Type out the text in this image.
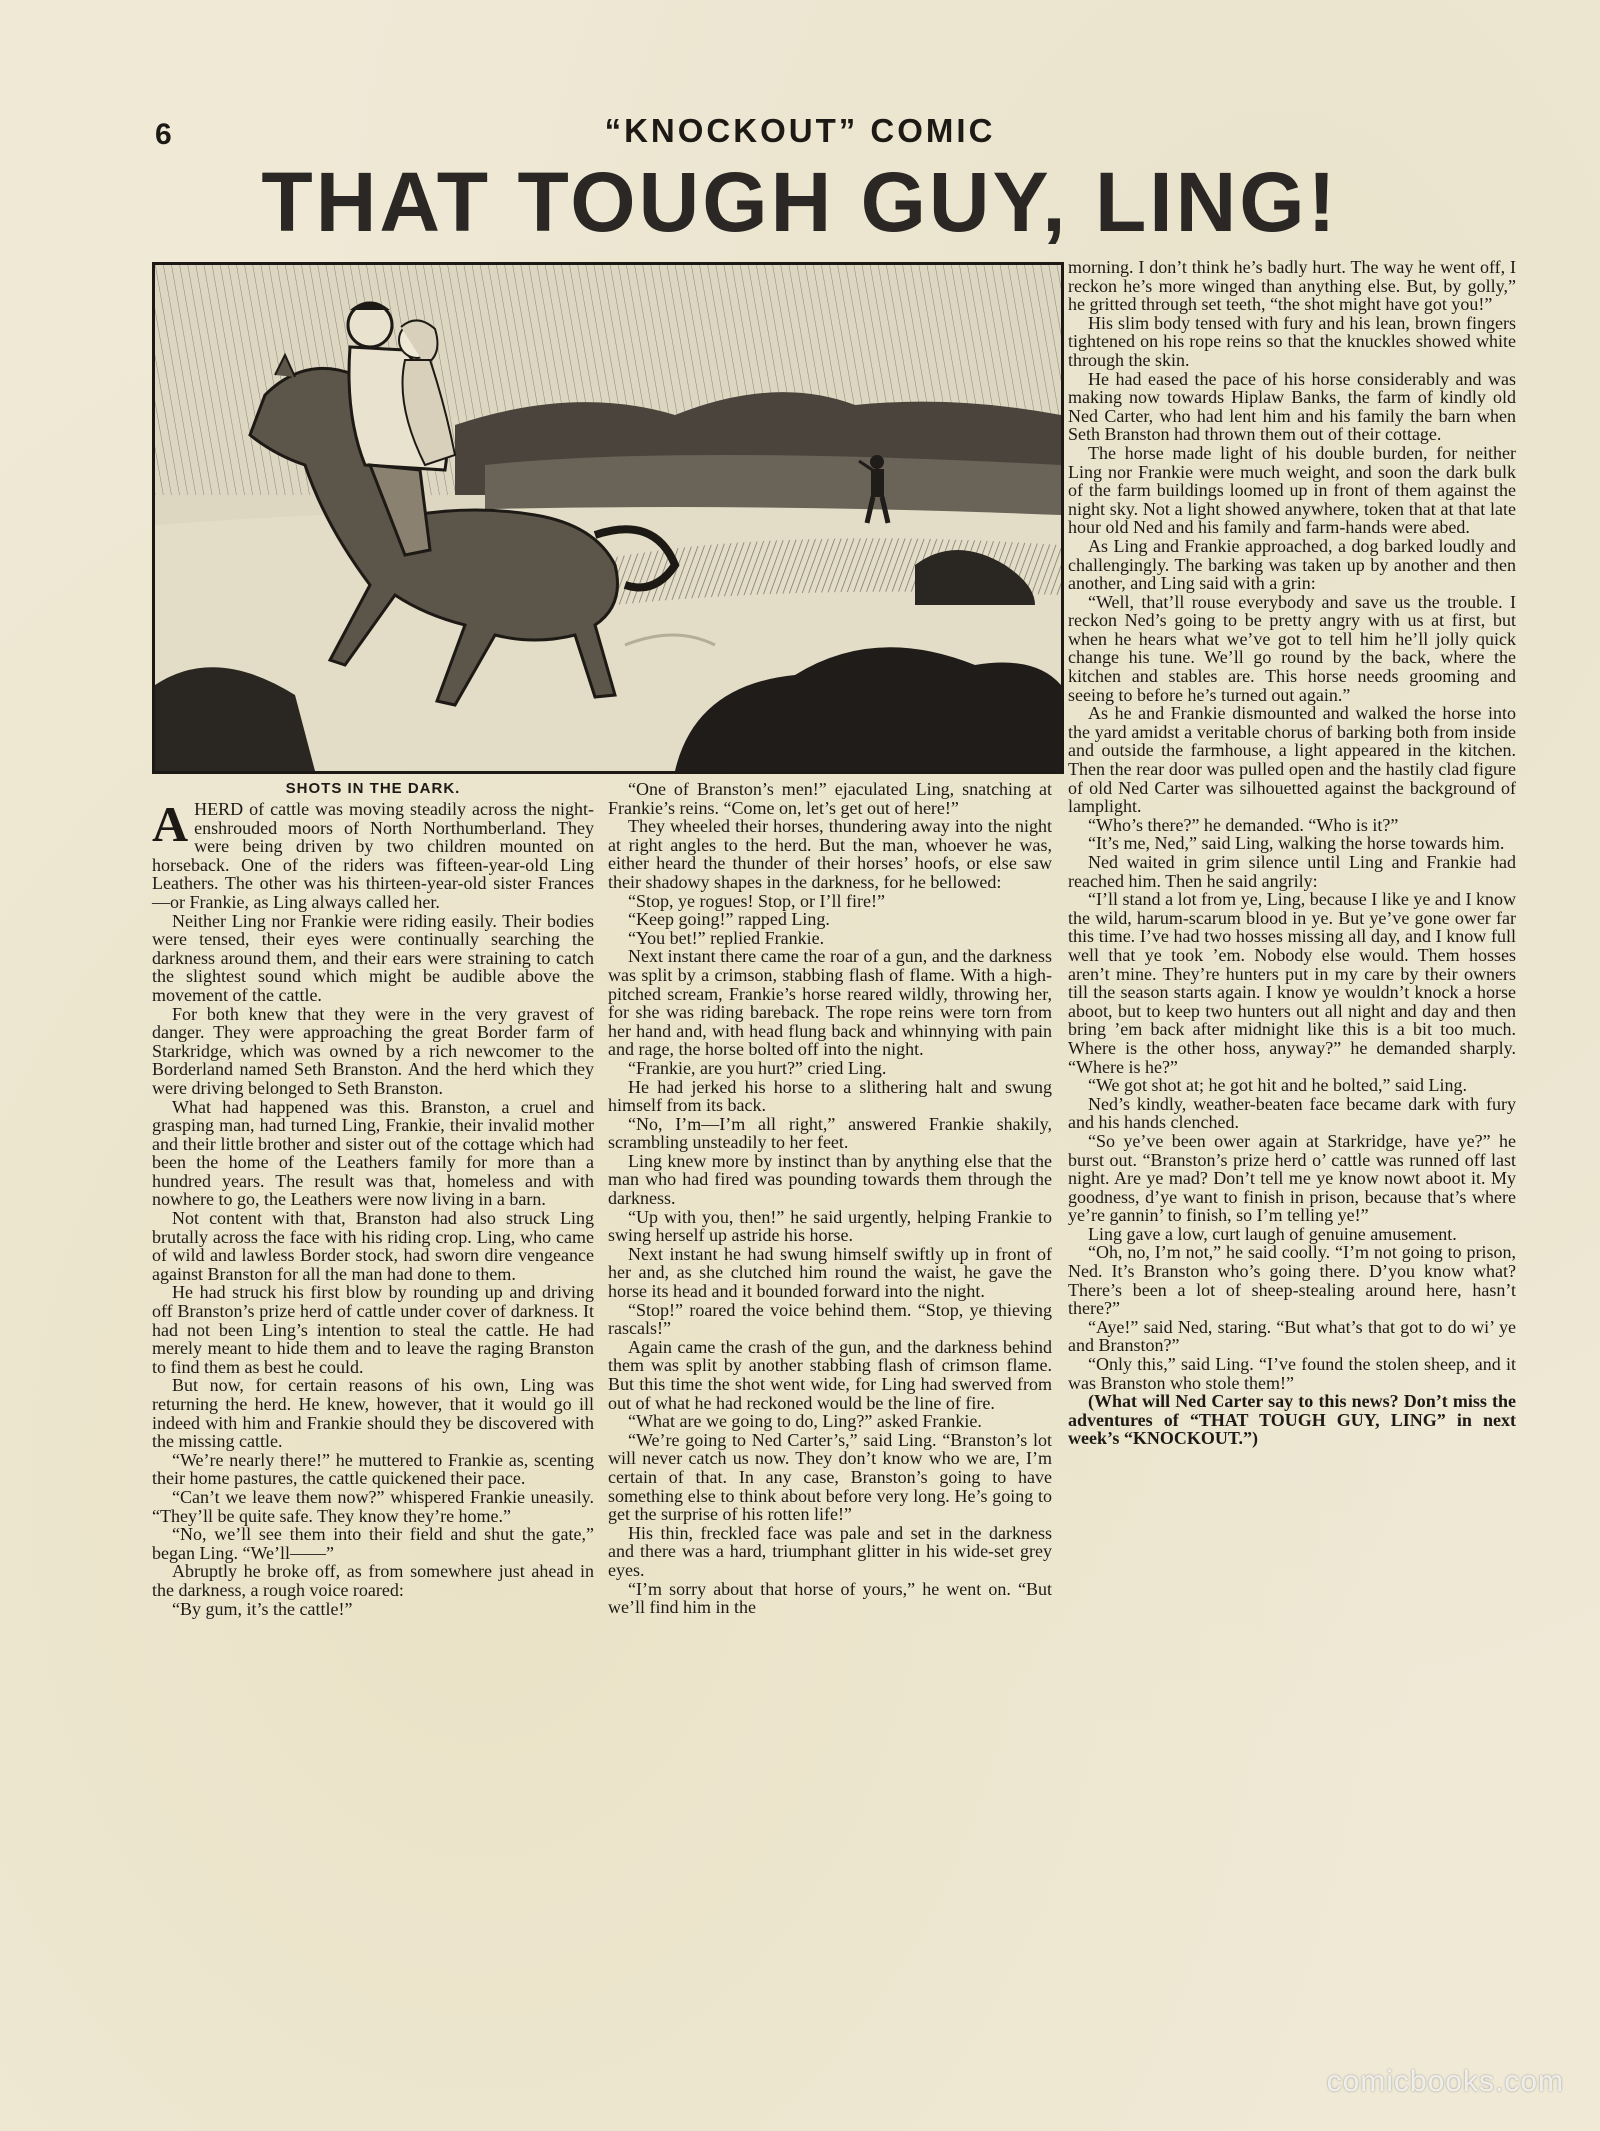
6	“KNOCKOUT” COMIC
THAT TOUGH GUY, LING!
SHOTS IN THE DARK.

AHERD of cattle was moving steadily across the night-enshrouded moors of North Northumberland. They were being driven by two children mounted on horseback. One of the riders was fifteen-year-old Ling Leathers. The other was his thirteen-year-old sister Frances—or Frankie, as Ling always called her.

Neither Ling nor Frankie were riding easily. Their bodies were tensed, their eyes were continually searching the darkness around them, and their ears were straining to catch the slightest sound which might be audible above the movement of the cattle.

For both knew that they were in the very gravest of danger. They were approaching the great Border farm of Starkridge, which was owned by a rich newcomer to the Borderland named Seth Branston. And the herd which they were driving belonged to Seth Branston.

What had happened was this. Branston, a cruel and grasping man, had turned Ling, Frankie, their invalid mother and their little brother and sister out of the cottage which had been the home of the Leathers family for more than a hundred years. The result was that, homeless and with nowhere to go, the Leathers were now living in a barn.

Not content with that, Branston had also struck Ling brutally across the face with his riding crop. Ling, who came of wild and lawless Border stock, had sworn dire vengeance against Branston for all the man had done to them.

He had struck his first blow by rounding up and driving off Branston’s prize herd of cattle under cover of darkness. It had not been Ling’s intention to steal the cattle. He had merely meant to hide them and to leave the raging Branston to find them as best he could.

But now, for certain reasons of his own, Ling was returning the herd. He knew, however, that it would go ill indeed with him and Frankie should they be discovered with the missing cattle.

“We’re nearly there!” he muttered to Frankie as, scenting their home pastures, the cattle quickened their pace.

“Can’t we leave them now?” whispered Frankie uneasily. “They’ll be quite safe. They know they’re home.”

“No, we’ll see them into their field and shut the gate,” began Ling. “We’ll——”

Abruptly he broke off, as from somewhere just ahead in the darkness, a rough voice roared:

“By gum, it’s the cattle!”

“One of Branston’s men!” ejaculated Ling, snatching at Frankie’s reins. “Come on, let’s get out of here!”

They wheeled their horses, thundering away into the night at right angles to the herd. But the man, whoever he was, either heard the thunder of their horses’ hoofs, or else saw their shadowy shapes in the darkness, for he bellowed:

“Stop, ye rogues! Stop, or I’ll fire!”

“Keep going!” rapped Ling.

“You bet!” replied Frankie.

Next instant there came the roar of a gun, and the darkness was split by a crimson, stabbing flash of flame. With a high-pitched scream, Frankie’s horse reared wildly, throwing her, for she was riding bareback. The rope reins were torn from her hand and, with head flung back and whinnying with pain and rage, the horse bolted off into the night.

“Frankie, are you hurt?” cried Ling.

He had jerked his horse to a slithering halt and swung himself from its back.

“No, I’m—I’m all right,” answered Frankie shakily, scrambling unsteadily to her feet.

Ling knew more by instinct than by anything else that the man who had fired was pounding towards them through the darkness.

“Up with you, then!” he said urgently, helping Frankie to swing herself up astride his horse.

Next instant he had swung himself swiftly up in front of her and, as she clutched him round the waist, he gave the horse its head and it bounded forward into the night.

“Stop!” roared the voice behind them. “Stop, ye thieving rascals!”

Again came the crash of the gun, and the darkness behind them was split by another stabbing flash of crimson flame. But this time the shot went wide, for Ling had swerved from out of what he had reckoned would be the line of fire.

“What are we going to do, Ling?” asked Frankie.

“We’re going to Ned Carter’s,” said Ling. “Branston’s lot will never catch us now. They don’t know who we are, I’m certain of that. In any case, Branston’s going to have something else to think about before very long. He’s going to get the surprise of his rotten life!”

His thin, freckled face was pale and set in the darkness and there was a hard, triumphant glitter in his wide-set grey eyes.

“I’m sorry about that horse of yours,” he went on. “But we’ll find him in the

morning. I don’t think he’s badly hurt. The way he went off, I reckon he’s more winged than anything else. But, by golly,” he gritted through set teeth, “the shot might have got you!”

His slim body tensed with fury and his lean, brown fingers tightened on his rope reins so that the knuckles showed white through the skin.

He had eased the pace of his horse considerably and was making now towards Hiplaw Banks, the farm of kindly old Ned Carter, who had lent him and his family the barn when Seth Branston had thrown them out of their cottage.

The horse made light of his double burden, for neither Ling nor Frankie were much weight, and soon the dark bulk of the farm buildings loomed up in front of them against the night sky. Not a light showed anywhere, token that at that late hour old Ned and his family and farm-hands were abed.

As Ling and Frankie approached, a dog barked loudly and challengingly. The barking was taken up by another and then another, and Ling said with a grin:

“Well, that’ll rouse everybody and save us the trouble. I reckon Ned’s going to be pretty angry with us at first, but when he hears what we’ve got to tell him he’ll jolly quick change his tune. We’ll go round by the back, where the kitchen and stables are. This horse needs grooming and seeing to before he’s turned out again.”

As he and Frankie dismounted and walked the horse into the yard amidst a veritable chorus of barking both from inside and outside the farmhouse, a light appeared in the kitchen. Then the rear door was pulled open and the hastily clad figure of old Ned Carter was silhouetted against the background of lamplight.

“Who’s there?” he demanded. “Who is it?”

“It’s me, Ned,” said Ling, walking the horse towards him.

Ned waited in grim silence until Ling and Frankie had reached him. Then he said angrily:

“I’ll stand a lot from ye, Ling, because I like ye and I know the wild, harum-scarum blood in ye. But ye’ve gone ower far this time. I’ve had two hosses missing all day, and I know full well that ye took ’em. Nobody else would. Them hosses aren’t mine. They’re hunters put in my care by their owners till the season starts again. I know ye wouldn’t knock a horse aboot, but to keep two hunters out all night and day and then bring ’em back after midnight like this is a bit too much. Where is the other hoss, anyway?” he demanded sharply. “Where is he?”

“We got shot at; he got hit and he bolted,” said Ling.

Ned’s kindly, weather-beaten face became dark with fury and his hands clenched.

“So ye’ve been ower again at Starkridge, have ye?” he burst out. “Branston’s prize herd o’ cattle was runned off last night. Are ye mad? Don’t tell me ye know nowt aboot it. My goodness, d’ye want to finish in prison, because that’s where ye’re gannin’ to finish, so I’m telling ye!”

Ling gave a low, curt laugh of genuine amusement.

“Oh, no, I’m not,” he said coolly. “I’m not going to prison, Ned. It’s Branston who’s going there. D’you know what? There’s been a lot of sheep-stealing around here, hasn’t there?”

“Aye!” said Ned, staring. “But what’s that got to do wi’ ye and Branston?”

“Only this,” said Ling. “I’ve found the stolen sheep, and it was Branston who stole them!”

(What will Ned Carter say to this news? Don’t miss the adventures of “THAT TOUGH GUY, LING” in next week’s “KNOCKOUT.”)

comicbooks.com
